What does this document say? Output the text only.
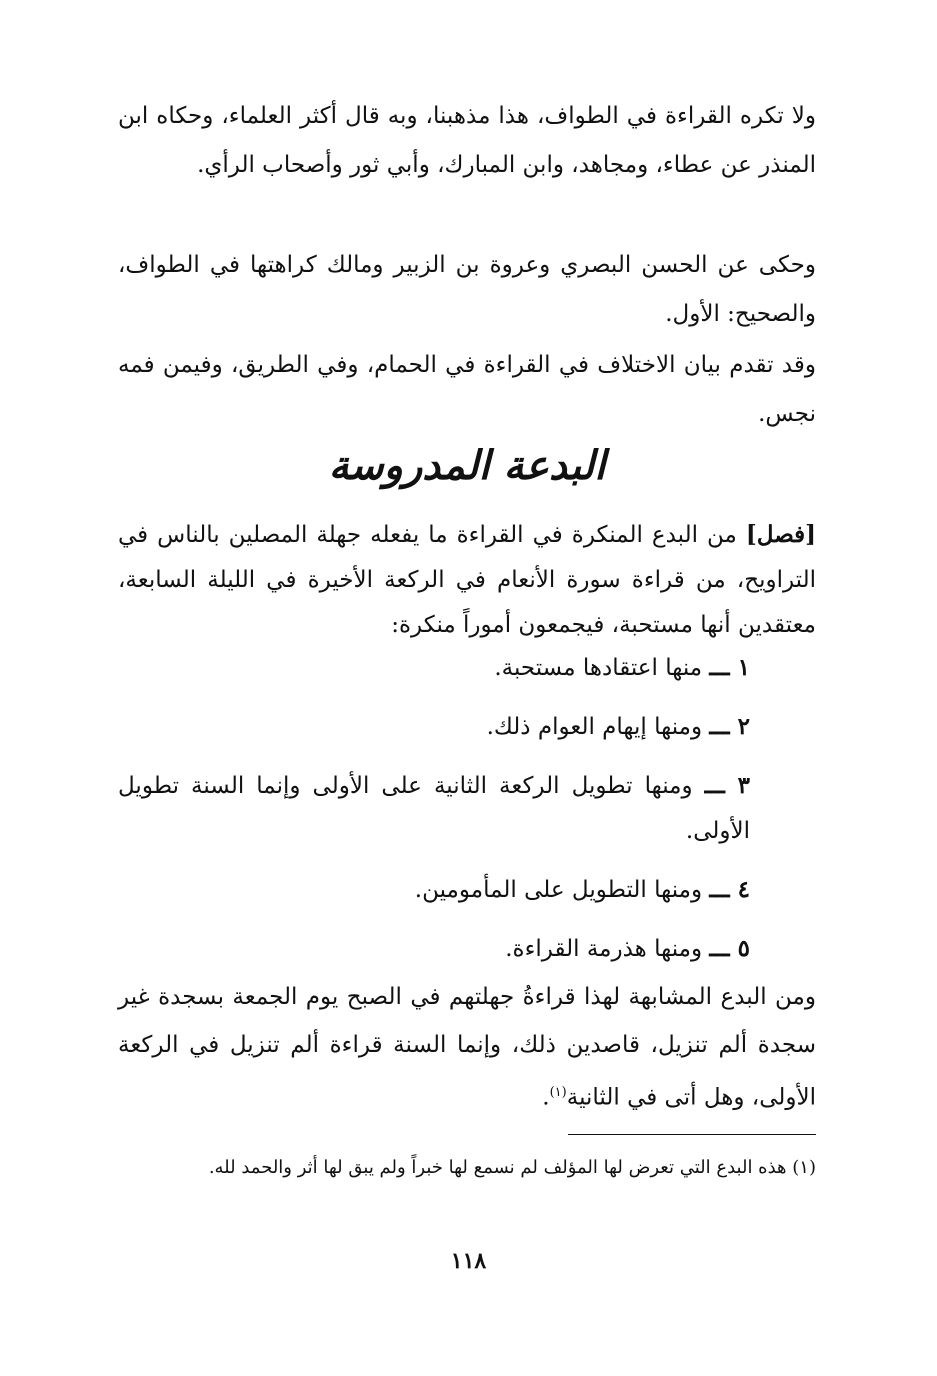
ولا تكره القراءة في الطواف، هذا مذهبنا، وبه قال أكثر العلماء، وحكاه ابن المنذر عن عطاء، ومجاهد، وابن المبارك، وأبي ثور وأصحاب الرأي.

وحكى عن الحسن البصري وعروة بن الزبير ومالك كراهتها في الطواف، والصحيح: الأول.

وقد تقدم بيان الاختلاف في القراءة في الحمام، وفي الطريق، وفيمن فمه نجس.

البدعة المدروسة

[فصل] من البدع المنكرة في القراءة ما يفعله جهلة المصلين بالناس في التراويح، من قراءة سورة الأنعام في الركعة الأخيرة في الليلة السابعة، معتقدين أنها مستحبة، فيجمعون أموراً منكرة:

١ ـــ منها اعتقادها مستحبة.
٢ ـــ ومنها إيهام العوام ذلك.
٣ ـــ ومنها تطويل الركعة الثانية على الأولى وإنما السنة تطويل الأولى.
٤ ـــ ومنها التطويل على المأمومين.
٥ ـــ ومنها هذرمة القراءة.

ومن البدع المشابهة لهذا قراءةُ جهلتهم في الصبح يوم الجمعة بسجدة غير سجدة ألم تنزيل، قاصدين ذلك، وإنما السنة قراءة ألم تنزيل في الركعة الأولى، وهل أتى في الثانية$^{(١)}$.

(١) هذه البدع التي تعرض لها المؤلف لم نسمع لها خبراً ولم يبق لها أثر والحمد لله.

١١٨
